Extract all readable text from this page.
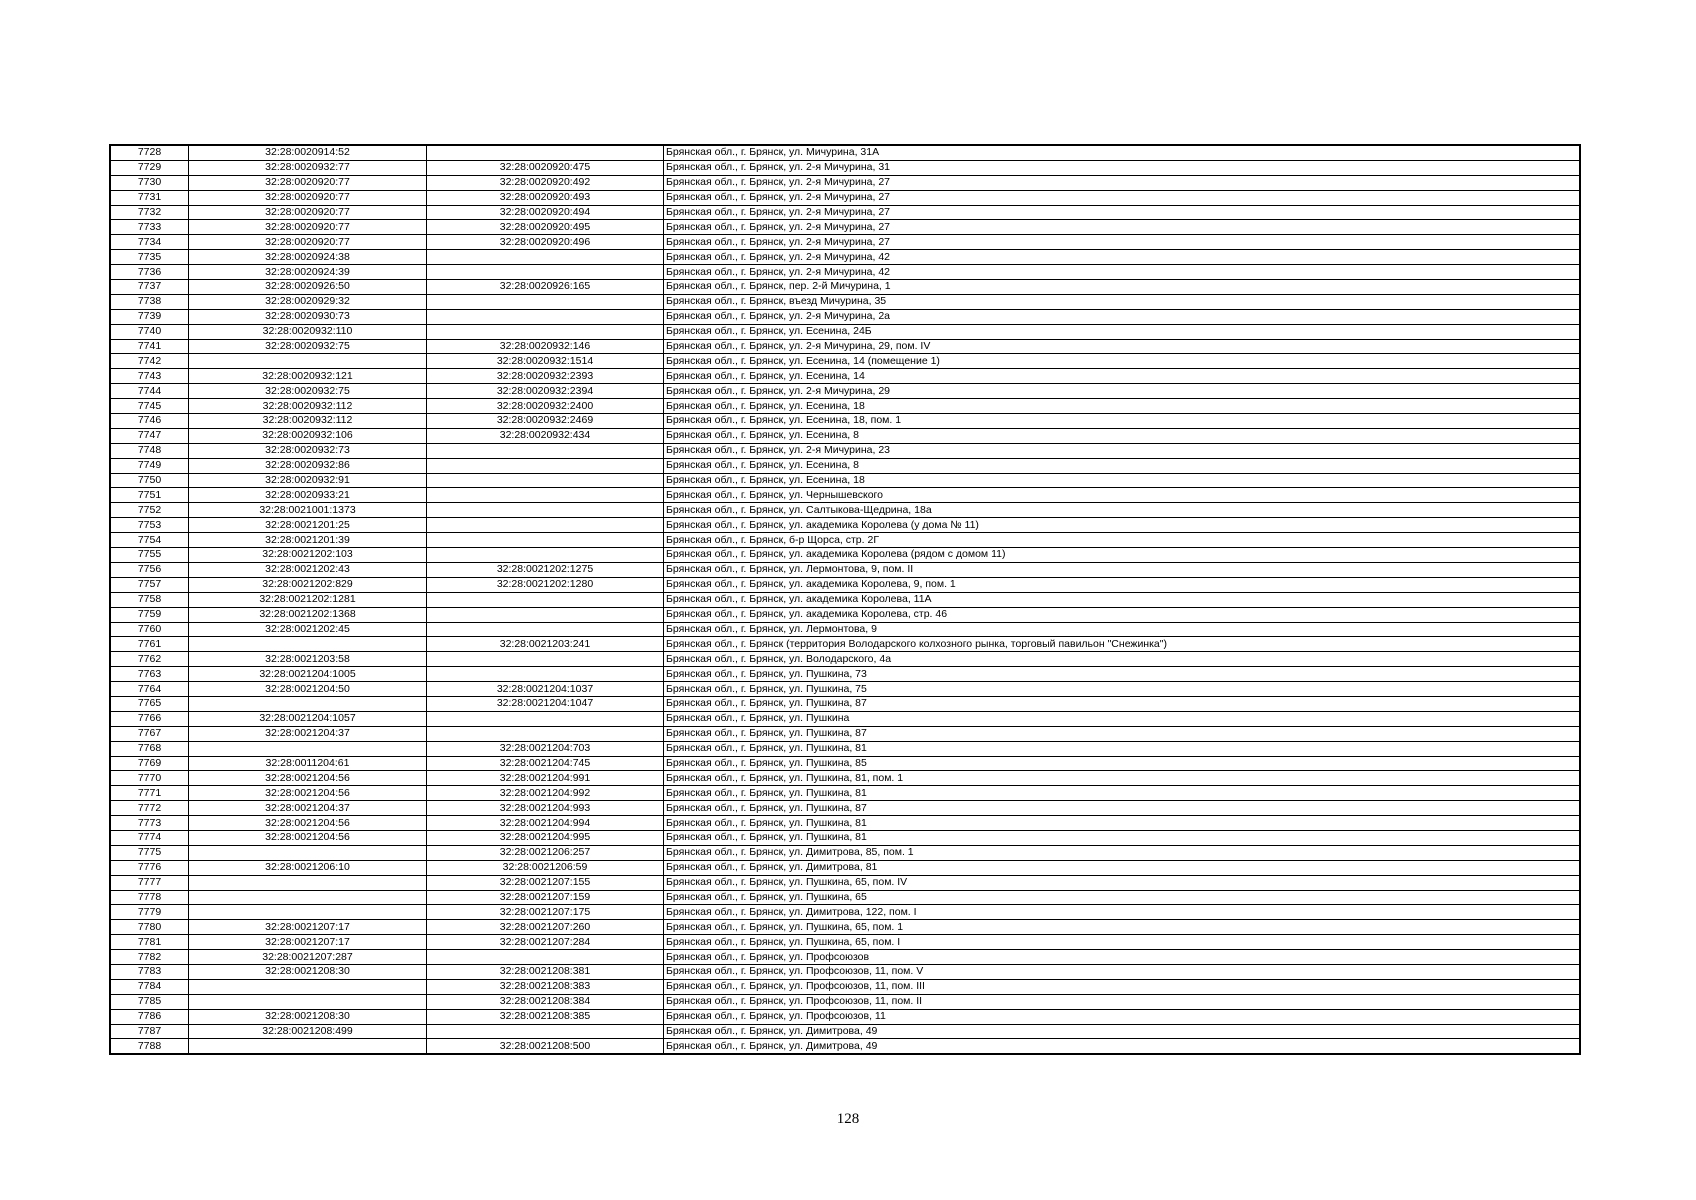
7728	32:28:0020914:52		Брянская обл., г. Брянск, ул. Мичурина, 31А
7729	32:28:0020932:77	32:28:0020920:475	Брянская обл., г. Брянск, ул. 2-я Мичурина, 31
7730	32:28:0020920:77	32:28:0020920:492	Брянская обл., г. Брянск, ул. 2-я Мичурина, 27
7731	32:28:0020920:77	32:28:0020920:493	Брянская обл., г. Брянск, ул. 2-я Мичурина, 27
7732	32:28:0020920:77	32:28:0020920:494	Брянская обл., г. Брянск, ул. 2-я Мичурина, 27
7733	32:28:0020920:77	32:28:0020920:495	Брянская обл., г. Брянск, ул. 2-я Мичурина, 27
7734	32:28:0020920:77	32:28:0020920:496	Брянская обл., г. Брянск, ул. 2-я Мичурина, 27
7735	32:28:0020924:38		Брянская обл., г. Брянск, ул. 2-я Мичурина, 42
7736	32:28:0020924:39		Брянская обл., г. Брянск, ул. 2-я Мичурина, 42
7737	32:28:0020926:50	32:28:0020926:165	Брянская обл., г. Брянск, пер. 2-й Мичурина, 1
7738	32:28:0020929:32		Брянская обл., г. Брянск, въезд Мичурина, 35
7739	32:28:0020930:73		Брянская обл., г. Брянск, ул. 2-я Мичурина, 2а
7740	32:28:0020932:110		Брянская обл., г. Брянск, ул. Есенина, 24Б
7741	32:28:0020932:75	32:28:0020932:146	Брянская обл., г. Брянск, ул. 2-я Мичурина, 29, пом. IV
7742		32:28:0020932:1514	Брянская обл., г. Брянск, ул. Есенина, 14 (помещение 1)
7743	32:28:0020932:121	32:28:0020932:2393	Брянская обл., г. Брянск, ул. Есенина, 14
7744	32:28:0020932:75	32:28:0020932:2394	Брянская обл., г. Брянск, ул. 2-я Мичурина, 29
7745	32:28:0020932:112	32:28:0020932:2400	Брянская обл., г. Брянск, ул. Есенина, 18
7746	32:28:0020932:112	32:28:0020932:2469	Брянская обл., г. Брянск, ул. Есенина, 18, пом. 1
7747	32:28:0020932:106	32:28:0020932:434	Брянская обл., г. Брянск, ул. Есенина, 8
7748	32:28:0020932:73		Брянская обл., г. Брянск, ул. 2-я Мичурина, 23
7749	32:28:0020932:86		Брянская обл., г. Брянск, ул. Есенина, 8
7750	32:28:0020932:91		Брянская обл., г. Брянск, ул. Есенина, 18
7751	32:28:0020933:21		Брянская обл., г. Брянск, ул. Чернышевского
7752	32:28:0021001:1373		Брянская обл., г. Брянск, ул. Салтыкова-Щедрина, 18а
7753	32:28:0021201:25		Брянская обл., г. Брянск, ул. академика Королева (у дома № 11)
7754	32:28:0021201:39		Брянская обл., г. Брянск, б-р Щорса, стр. 2Г
7755	32:28:0021202:103		Брянская обл., г. Брянск, ул. академика Королева (рядом с домом 11)
7756	32:28:0021202:43	32:28:0021202:1275	Брянская обл., г. Брянск, ул. Лермонтова, 9, пом. II
7757	32:28:0021202:829	32:28:0021202:1280	Брянская обл., г. Брянск, ул. академика Королева, 9, пом. 1
7758	32:28:0021202:1281		Брянская обл., г. Брянск, ул. академика Королева, 11А
7759	32:28:0021202:1368		Брянская обл., г. Брянск, ул. академика Королева, стр. 46
7760	32:28:0021202:45		Брянская обл., г. Брянск, ул. Лермонтова, 9
7761		32:28:0021203:241	Брянская обл., г. Брянск (территория Володарского колхозного рынка, торговый павильон "Снежинка")
7762	32:28:0021203:58		Брянская обл., г. Брянск, ул. Володарского, 4а
7763	32:28:0021204:1005		Брянская обл., г. Брянск, ул. Пушкина, 73
7764	32:28:0021204:50	32:28:0021204:1037	Брянская обл., г. Брянск, ул. Пушкина, 75
7765		32:28:0021204:1047	Брянская обл., г. Брянск, ул. Пушкина, 87
7766	32:28:0021204:1057		Брянская обл., г. Брянск, ул. Пушкина
7767	32:28:0021204:37		Брянская обл., г. Брянск, ул. Пушкина, 87
7768		32:28:0021204:703	Брянская обл., г. Брянск, ул. Пушкина, 81
7769	32:28:0011204:61	32:28:0021204:745	Брянская обл., г. Брянск, ул. Пушкина, 85
7770	32:28:0021204:56	32:28:0021204:991	Брянская обл., г. Брянск, ул. Пушкина, 81, пом. 1
7771	32:28:0021204:56	32:28:0021204:992	Брянская обл., г. Брянск, ул. Пушкина, 81
7772	32:28:0021204:37	32:28:0021204:993	Брянская обл., г. Брянск, ул. Пушкина, 87
7773	32:28:0021204:56	32:28:0021204:994	Брянская обл., г. Брянск, ул. Пушкина, 81
7774	32:28:0021204:56	32:28:0021204:995	Брянская обл., г. Брянск, ул. Пушкина, 81
7775		32:28:0021206:257	Брянская обл., г. Брянск, ул. Димитрова, 85, пом. 1
7776	32:28:0021206:10	32:28:0021206:59	Брянская обл., г. Брянск, ул. Димитрова, 81
7777		32:28:0021207:155	Брянская обл., г. Брянск, ул. Пушкина, 65, пом. IV
7778		32:28:0021207:159	Брянская обл., г. Брянск, ул. Пушкина, 65
7779		32:28:0021207:175	Брянская обл., г. Брянск, ул. Димитрова, 122, пом. I
7780	32:28:0021207:17	32:28:0021207:260	Брянская обл., г. Брянск, ул. Пушкина, 65, пом. 1
7781	32:28:0021207:17	32:28:0021207:284	Брянская обл., г. Брянск, ул. Пушкина, 65, пом. I
7782	32:28:0021207:287		Брянская обл., г. Брянск, ул. Профсоюзов
7783	32:28:0021208:30	32:28:0021208:381	Брянская обл., г. Брянск, ул. Профсоюзов, 11, пом. V
7784		32:28:0021208:383	Брянская обл., г. Брянск, ул. Профсоюзов, 11, пом. III
7785		32:28:0021208:384	Брянская обл., г. Брянск, ул. Профсоюзов, 11, пом. II
7786	32:28:0021208:30	32:28:0021208:385	Брянская обл., г. Брянск, ул. Профсоюзов, 11
7787	32:28:0021208:499		Брянская обл., г. Брянск, ул. Димитрова, 49
7788		32:28:0021208:500	Брянская обл., г. Брянск, ул. Димитрова, 49
128
